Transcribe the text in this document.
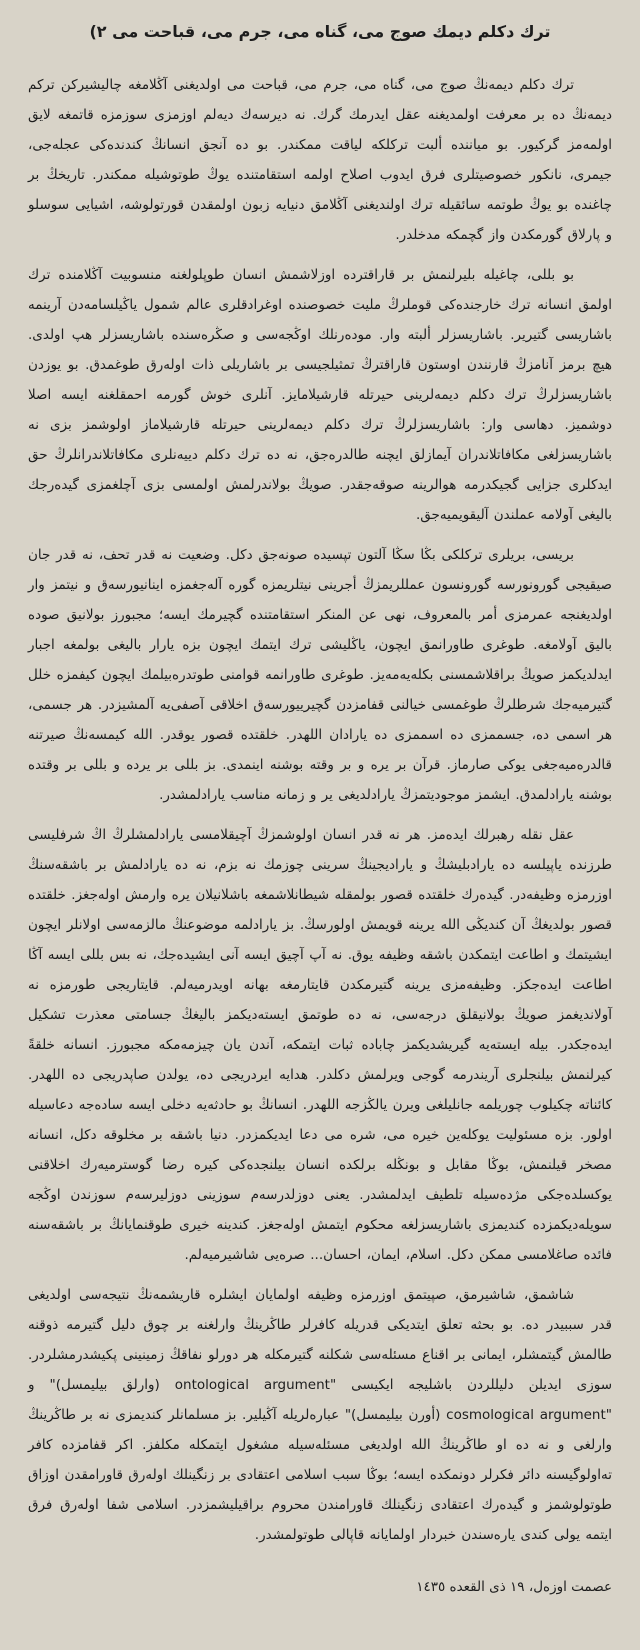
ترك دكلم ديمك صوج مى، گناه مى، جرم مى، قباحت مى ٢)

ترك دكلم ديمه‌نڭ صوج مى، گناه مى، جرم مى، قباحت مى اولديغنى آڭلامغه چاليشيركن تركم ديمه‌نڭ ده بر معرفت اولمديغنه عقل ايدرمك گرك. نه ديرسه‌ك ديه‌لم اوزمزى سوزمزه قاتمغه لايق اولمه‌مز گركيور. بو مياننده ألبت تركلكه لياقت ممكندر. بو ده آنجق انسانڭ كندنده‌كى عجله‌جى، جيمرى، نانكور خصوصيتلرى فرق ايدوب اصلاح اولمه استقامتنده يوڭ طوتوشيله ممكندر. تاريخڭ بر چاغنده بو يوڭ طوتمه سائقيله ترك اولنديغنى آڭلامق دنيايه زبون اولمقدن قورتولوشه، اشيايى سوسلو و پارلاق گورمكدن واز گچمكه مدخلدر.

بو بللى، چاغيله بليرلنمش بر قاراقترده اوزلاشمش انسان طوپلولغنه منسوبيت آڭلامنده ترك اولمق انسانه ترك خارجنده‌كى قوملرڭ مليت خصوصنده اوغرادقلرى عالم شمول ياڭيلسامه‌دن آرينمه باشاريسى گتيرير. باشاريسزلر ألبته وار. موده‌رنلك اوڭجه‌سى و صڭره‌سنده باشاريسزلر هپ اولدى. هيچ برمز آنامزڭ قارنندن اوستون قاراقترڭ تمثيلجيسى بر باشاريلى ذات اوله‌رق طوغمدق. بو يوزدن باشاريسزلرڭ ترك دكلم ديمه‌لرينى حيرتله قارشيلامايز. آنلرى خوش گورمه احمقلغنه ايسه اصلا دوشميز. دهاسى وار: باشاريسزلرڭ ترك دكلم ديمه‌لرينى حيرتله قارشيلاماز اولوشمز بزى نه باشاريسزلغى مكافاتلاندران آيمازلق ايچنه طالدره‌جق، نه ده ترك دكلم دييه‌نلرى مكافاتلاندرانلرڭ حق ايدكلرى جزايى گجيكدرمه هوالرينه صوقه‌جقدر. صويڭ بولاندرلمش اولمسى بزى آچلغمزى گيده‌رجك باليغى آولامه عملندن آليقويميه‌جق.

بريسى، بريلرى تركلكى بڭا سڭا آلتون تپسيده صونه‌جق دكل. وضعيت نه قدر تحف، نه قدر جان صيقيجى گورونورسه گورونسون عمللريمزڭ أجرينى نيتلريمزه گوره آله‌جغمزه اينانيورسه‌ق و نيتمز وار اولديغنجه عمرمزى أمر بالمعروف، نهى عن المنكر استقامتنده گچيرمك ايسه؛ مجبورز بولانيق صوده باليق آولامغه. طوغرى طاورانمق ايچون، ياڭليشى ترك ايتمك ايچون بزه يارار باليغى بولمغه اجبار ايدلديكمز صويڭ براقلاشمسنى بكله‌يه‌مه‌يز. طوغرى طاورانمه قوامنى طوتدره‌بيلمك ايچون كيفمزه خلل گتيرميه‌جك شرطلرڭ طوغمسى خيالنى قفامزدن گچيرييورسه‌ق اخلاقى آصفى‌يه آلمشيزدر. هر جسمى، هر اسمى ده، جسممزى ده اسممزى ده يارادان اللهدر. خلقتده قصور يوقدر. الله كيمسه‌نڭ صيرتنه قالدره‌ميه‌جغى يوكى صارماز. قرآن بر يره و بر وقته بوشنه اينمدى. بز بللى بر يرده و بللى بر وقتده بوشنه يارادلمدق. ايشمز موجوديتمزڭ يارادلديغى ير و زمانه مناسب يارادلمشدر.

عقل نقله رهبرلك ايده‌مز. هر نه قدر انسان اولوشمزڭ آچيقلامسى يارادلمشلرڭ اڭ شرفليسى طرزنده ياپيلسه ده يارادبليشڭ و ياراديجينڭ سرينى چوزمك نه بزم، نه ده يارادلمش بر باشقه‌سنڭ اوزرمزه وظيفه‌در. گيده‌رك خلقتده قصور بولمقله شيطانلاشمغه باشلانيلان يره وارمش اوله‌جغز. خلقتده قصور بولديغڭ آن كنديڭى الله يرينه قويمش اولورسڭ. بز يارادلمه موضوعنڭ مالزمه‌سى اولانلر ايچون ايشيتمك و اطاعت ايتمكدن باشقه وظيفه يوق. نه آپ آچيق ايسه آنى ايشيده‌جك، نه بس بللى ايسه آڭا اطاعت ايده‌جكز. وظيفه‌مزى يرينه گتيرمكدن قايتارمغه بهانه اويدرميه‌لم. قايتاريجى طورمزه نه آولانديغمز صويڭ بولانيقلق درجه‌سى، نه ده طوتمق ايسته‌ديكمز باليغڭ جسامتى معذرت تشكيل ايده‌جكدر. بيله ايسته‌يه گيريشديكمز چاباده ثبات ايتمكه، آندن يان چيزمه‌مكه مجبورز. انسانه خلقةً كيرلنمش بيلنجلرى آريندرمه گوجى ويرلمش دكلدر. هدايه ايردريجى ده، يولدن صاپدريجى ده اللهدر. كائناته چكيلوب چوريلمه جانليلغى ويرن يالڭزجه اللهدر. انسانڭ بو حادثه‌يه دخلى ايسه ساده‌جه دعاسيله اولور. بزه مسئوليت يوكله‌ين خيره مى، شره مى دعا ايديكمزدر. دنيا باشقه بر مخلوقه دكل، انسانه مصخر قيلنمش، بوڭا مقابل و بونڭله برلكده انسان بيلنجده‌كى كيره رضا گوسترميه‌رك اخلاقنى يوكسلده‌جكى مژده‌سيله تلطيف ايدلمشدر. يعنى دوزلدرسه‌م سوزينى دوزليرسه‌م سوزندن اوڭجه سويله‌ديكمزده كنديمزى باشاريسزلغه محكوم ايتمش اوله‌جغز. كندينه خيرى طوقنمايانڭ بر باشقه‌سنه فائده صاغلامسى ممكن دكل. اسلام، ايمان، احسان... صره‌يى شاشيرميه‌لم.

شاشمق، شاشيرمق، صپيتمق اوزرمزه وظيفه اولمايان ايشلره قاريشمه‌نڭ نتيجه‌سى اولديغى قدر سببيدر ده. بو بحثه تعلق ايتديكى قدريله كافرلر طاڭرينڭ وارلغنه بر چوق دليل گتيرمه ذوقنه طالمش گيتمشلر، ايمانى بر اقناع مسئله‌سى شكلنه گتيرمكله هر دورلو نفاقڭ زمينينى پكيشدرمشلردر. سوزى ايديلن دليللردن باشليجه ايكيسى "ontological argument (وارلق بيليمسل)" و "cosmological argument (أورن بيليمسل)" عباره‌لريله آڭيلير. بز مسلمانلر كنديمزى نه بر طاڭرينڭ وارلغى و نه ده او طاڭرينڭ الله اولديغى مسئله‌سيله مشغول ايتمكله مكلفز. اكر قفامزده كافر ته‌اولوگيسنه دائر فكرلر دونمكده ايسه؛ بوڭا سبب اسلامى اعتقادى بر زنگينلك اوله‌رق قاورامقدن اوزاق طوتولوشمز و گيده‌رك اعتقادى زنگينلك قاورامندن محروم براقيليشمزدر. اسلامى شفا اوله‌رق فرق ايتمه يولى كندى ياره‌سندن خبردار اولمايانه قاپالى طوتولمشدر.

عصمت اوزه‌ل، ١٩ ذى القعده ١٤٣٥
